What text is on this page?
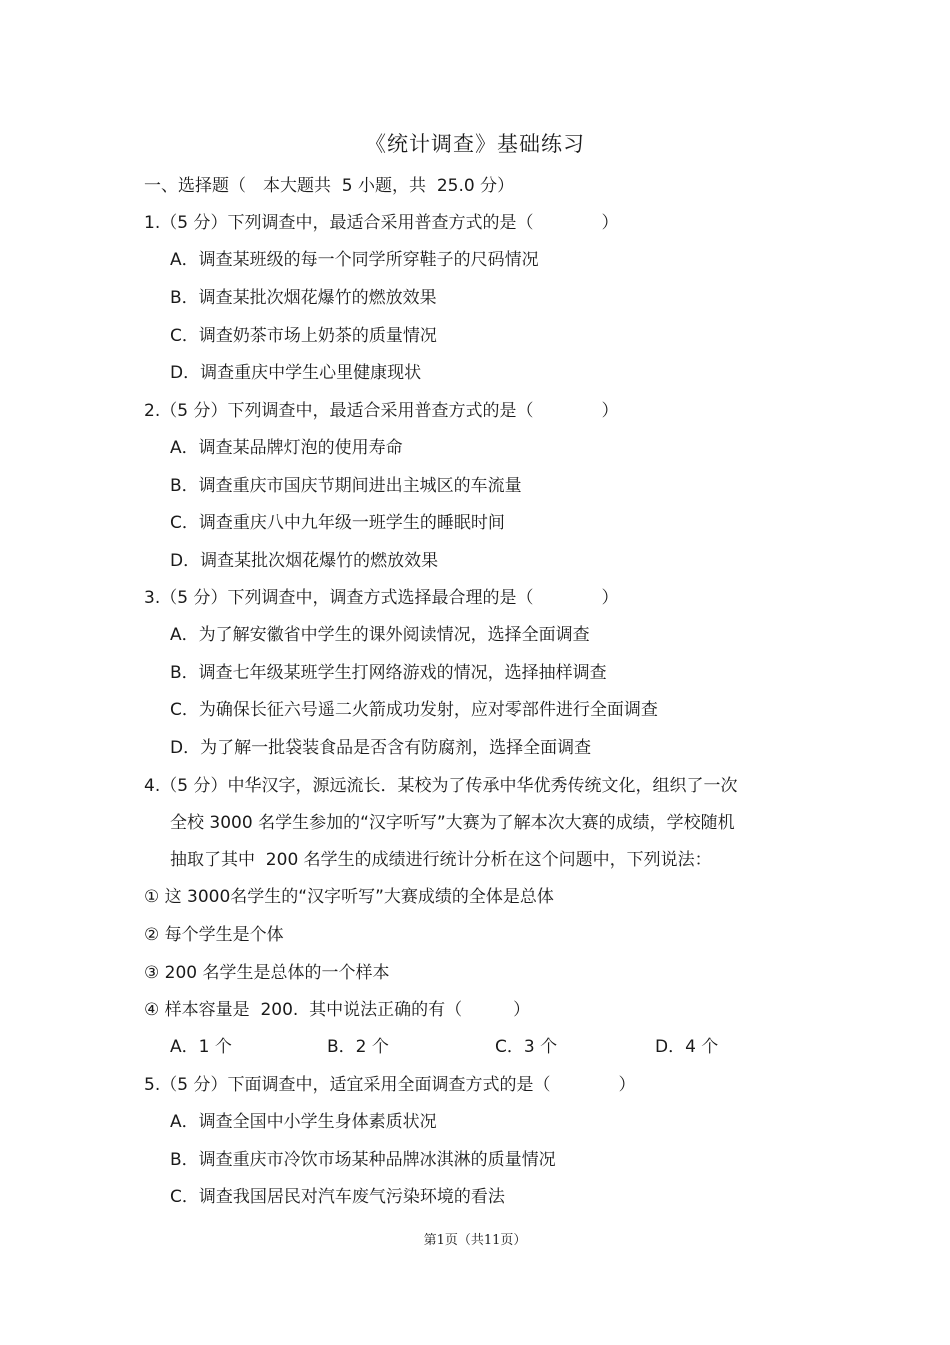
《统计调查》基础练习
一、选择题（　本大题共  5 小题，共  25.0 分）
1.（5 分）下列调查中，最适合采用普查方式的是（　　　　）
A．调查某班级的每一个同学所穿鞋子的尺码情况
B．调查某批次烟花爆竹的燃放效果
C．调查奶茶市场上奶茶的质量情况
D．调查重庆中学生心里健康现状
2.（5 分）下列调查中，最适合采用普查方式的是（　　　　）
A．调查某品牌灯泡的使用寿命
B．调查重庆市国庆节期间进出主城区的车流量
C．调查重庆八中九年级一班学生的睡眠时间
D．调查某批次烟花爆竹的燃放效果
3.（5 分）下列调查中，调查方式选择最合理的是（　　　　）
A．为了解安徽省中学生的课外阅读情况，选择全面调查
B．调查七年级某班学生打网络游戏的情况，选择抽样调查
C．为确保长征六号遥二火箭成功发射，应对零部件进行全面调查
D．为了解一批袋装食品是否含有防腐剂，选择全面调查
4.（5 分）中华汉字，源远流长．某校为了传承中华优秀传统文化，组织了一次
全校 3000 名学生参加的“汉字听写”大赛为了解本次大赛的成绩，学校随机
抽取了其中  200 名学生的成绩进行统计分析在这个问题中，下列说法：
① 这 3000名学生的“汉字听写”大赛成绩的全体是总体
② 每个学生是个体
③ 200 名学生是总体的一个样本
④ 样本容量是  200.  其中说法正确的有（　　　）
A．1 个	B．2 个	C．3 个	D．4 个
5.（5 分）下面调查中，适宜采用全面调查方式的是（　　　　）
A．调查全国中小学生身体素质状况
B．调查重庆市冷饮市场某种品牌冰淇淋的质量情况
C．调查我国居民对汽车废气污染环境的看法
第1页（共11页）
